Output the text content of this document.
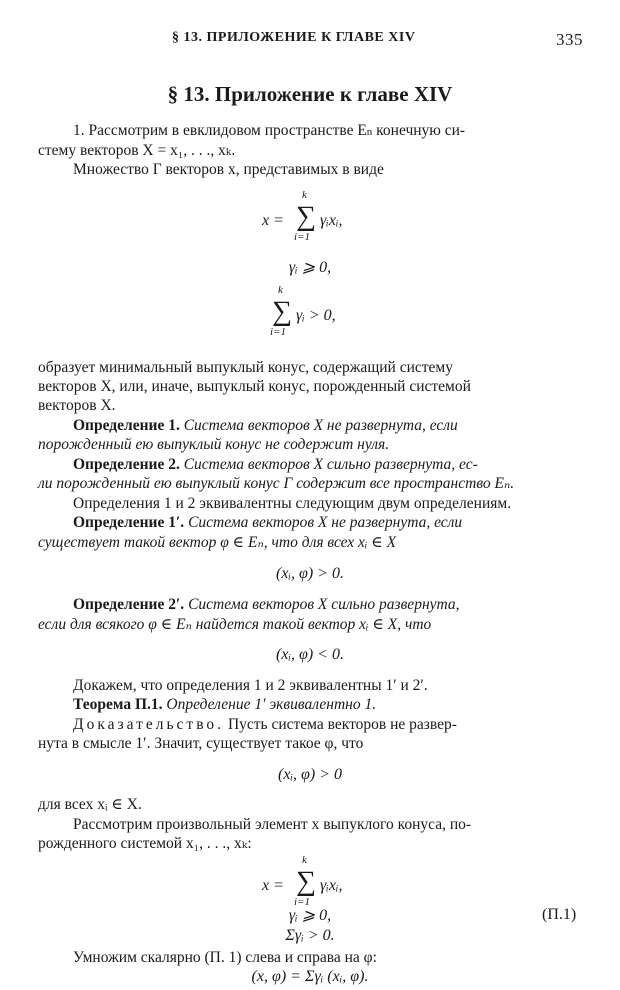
§ 13. ПРИЛОЖЕНИЕ К ГЛАВЕ XIV	335
§ 13. Приложение к главе XIV
1. Рассмотрим в евклидовом пространстве En конечную си-
стему векторов X = x₁, . . ., xk.
Множество Γ векторов x, представимых в виде
x = ∑
k
i=1
γᵢxᵢ,
γᵢ ⩾ 0,
∑
k
i=1
γᵢ > 0,
образует минимальный выпуклый конус, содержащий систему
векторов X, или, иначе, выпуклый конус, порожденный системой
векторов X.
Определение 1. Система векторов X не развернута, если
порожденный ею выпуклый конус не содержит нуля.
Определение 2. Система векторов X сильно развернута, ес-
ли порожденный ею выпуклый конус Γ содержит все пространство Eₙ.
Определения 1 и 2 эквивалентны следующим двум определениям.
Определение 1′. Система векторов X не развернута, если
существует такой вектор φ ∈ Eₙ, что для всех xᵢ ∈ X
(xᵢ, φ) > 0.
Определение 2′. Система векторов X сильно развернута,
если для всякого φ ∈ Eₙ найдется такой вектор xᵢ ∈ X, что
(xᵢ, φ) < 0.
Докажем, что определения 1 и 2 эквивалентны 1′ и 2′.
Теорема П.1. Определение 1′ эквивалентно 1.
Доказательство. Пусть система векторов не развер-
нута в смысле 1′. Значит, существует такое φ, что
(xᵢ, φ) > 0
для всех xᵢ ∈ X.
Рассмотрим произвольный элемент x выпуклого конуса, по-
рожденного системой x₁, . . ., xₖ:
x = ∑
k
i=1
γᵢxᵢ,
γᵢ ⩾ 0,	(П.1)
Σγᵢ > 0.
Умножим скалярно (П. 1) слева и справа на φ:
(x, φ) = Σγᵢ (xᵢ, φ).
